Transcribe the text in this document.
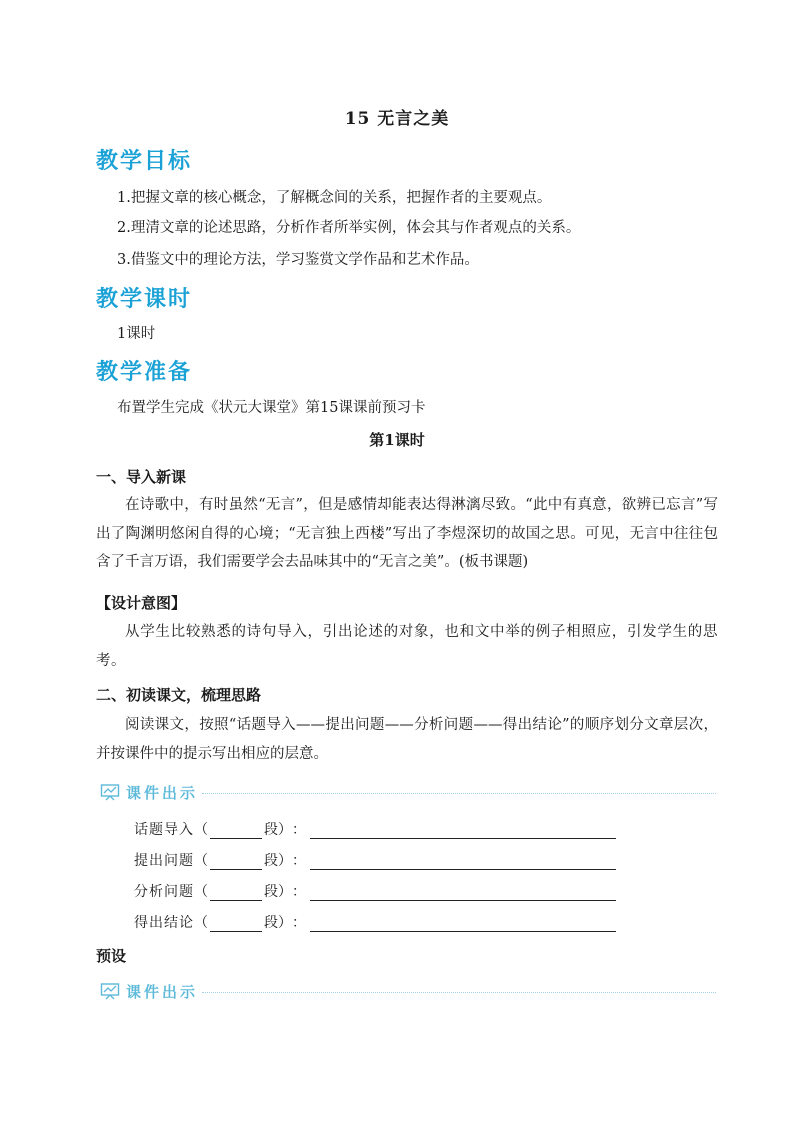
15 无言之美
教学目标
1.把握文章的核心概念，了解概念间的关系，把握作者的主要观点。
2.理清文章的论述思路，分析作者所举实例，体会其与作者观点的关系。
3.借鉴文中的理论方法，学习鉴赏文学作品和艺术作品。
教学课时
1课时
教学准备
布置学生完成《状元大课堂》第15课课前预习卡
第1课时
一、导入新课

在诗歌中，有时虽然“无言”，但是感情却能表达得淋漓尽致。“此中有真意，欲辨已忘言”写出了陶渊明悠闲自得的心境；“无言独上西楼”写出了李煜深切的故国之思。可见，无言中往往包含了千言万语，我们需要学会去品味其中的“无言之美”。(板书课题)

【设计意图】

从学生比较熟悉的诗句导入，引出论述的对象，也和文中举的例子相照应，引发学生的思考。

二、初读课文，梳理思路

阅读课文，按照“话题导入——提出问题——分析问题——得出结论”的顺序划分文章层次，并按课件中的提示写出相应的层意。

课件出示
话题导入 （	段） ：
提出问题 （	段） ：
分析问题 （	段） ：
得出结论 （	段） ：
预设
课件出示
